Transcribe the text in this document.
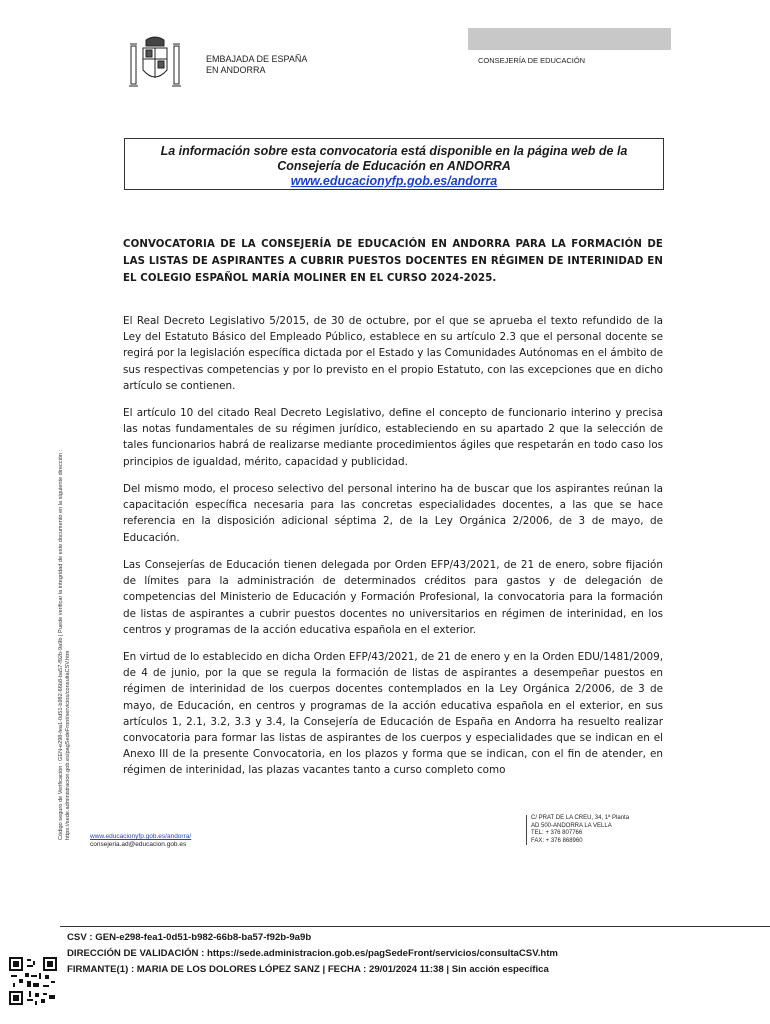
EMBAJADA DE ESPAÑA
EN ANDORRA
CONSEJERÍA DE EDUCACIÓN
La información sobre esta convocatoria está disponible en la página web de la
Consejería de Educación en ANDORRA
www.educacionyfp.gob.es/andorra
CONVOCATORIA DE LA CONSEJERÍA DE EDUCACIÓN EN ANDORRA PARA LA FORMACIÓN DE LAS LISTAS DE ASPIRANTES A CUBRIR PUESTOS DOCENTES EN RÉGIMEN DE INTERINIDAD EN EL COLEGIO ESPAÑOL MARÍA MOLINER EN EL CURSO 2024-2025.
El Real Decreto Legislativo 5/2015, de 30 de octubre, por el que se aprueba el texto refundido de la Ley del Estatuto Básico del Empleado Público, establece en su artículo 2.3 que el personal docente se regirá por la legislación específica dictada por el Estado y las Comunidades Autónomas en el ámbito de sus respectivas competencias y por lo previsto en el propio Estatuto, con las excepciones que en dicho artículo se contienen.
El artículo 10 del citado Real Decreto Legislativo, define el concepto de funcionario interino y precisa las notas fundamentales de su régimen jurídico, estableciendo en su apartado 2 que la selección de tales funcionarios habrá de realizarse mediante procedimientos ágiles que respetarán en todo caso los principios de igualdad, mérito, capacidad y publicidad.
Del mismo modo, el proceso selectivo del personal interino ha de buscar que los aspirantes reúnan la capacitación específica necesaria para las concretas especialidades docentes, a las que se hace referencia en la disposición adicional séptima 2, de la Ley Orgánica 2/2006, de 3 de mayo, de Educación.
Las Consejerías de Educación tienen delegada por Orden EFP/43/2021, de 21 de enero, sobre fijación de límites para la administración de determinados créditos para gastos y de delegación de competencias del Ministerio de Educación y Formación Profesional, la convocatoria para la formación de listas de aspirantes a cubrir puestos docentes no universitarios en régimen de interinidad, en los centros y programas de la acción educativa española en el exterior.
En virtud de lo establecido en dicha Orden EFP/43/2021, de 21 de enero y en la Orden EDU/1481/2009, de 4 de junio, por la que se regula la formación de listas de aspirantes a desempeñar puestos en régimen de interinidad de los cuerpos docentes contemplados en la Ley Orgánica 2/2006, de 3 de mayo, de Educación, en centros y programas de la acción educativa española en el exterior, en sus artículos 1, 2.1, 3.2, 3.3 y 3.4, la Consejería de Educación de España en Andorra ha resuelto realizar convocatoria para formar las listas de aspirantes de los cuerpos y especialidades que se indican en el Anexo III de la presente Convocatoria, en los plazos y forma que se indican, con el fin de atender, en régimen de interinidad, las plazas vacantes tanto a curso completo como
Código seguro de Verificación : GEN-e298-fea1-0d51-b982-66b8-ba57-f92b-9a9b | Puede verificar la integridad de este documento en la siguiente dirección : https://sede.administracion.gob.es/pagSedeFront/servicios/consultaCSV.htm	www.educacionyfp.gob.es/andorra/
consejeria.ad@educacion.gob.es
C/ PRAT DE LA CREU, 34, 1ª Planta
AD 500-ANDORRA LA VELLA
TEL: + 376 807766
FAX: + 376 868960
CSV : GEN-e298-fea1-0d51-b982-66b8-ba57-f92b-9a9b
DIRECCIÓN DE VALIDACIÓN : https://sede.administracion.gob.es/pagSedeFront/servicios/consultaCSV.htm
FIRMANTE(1) : MARIA DE LOS DOLORES LÓPEZ SANZ | FECHA : 29/01/2024 11:38 | Sin acción específica
